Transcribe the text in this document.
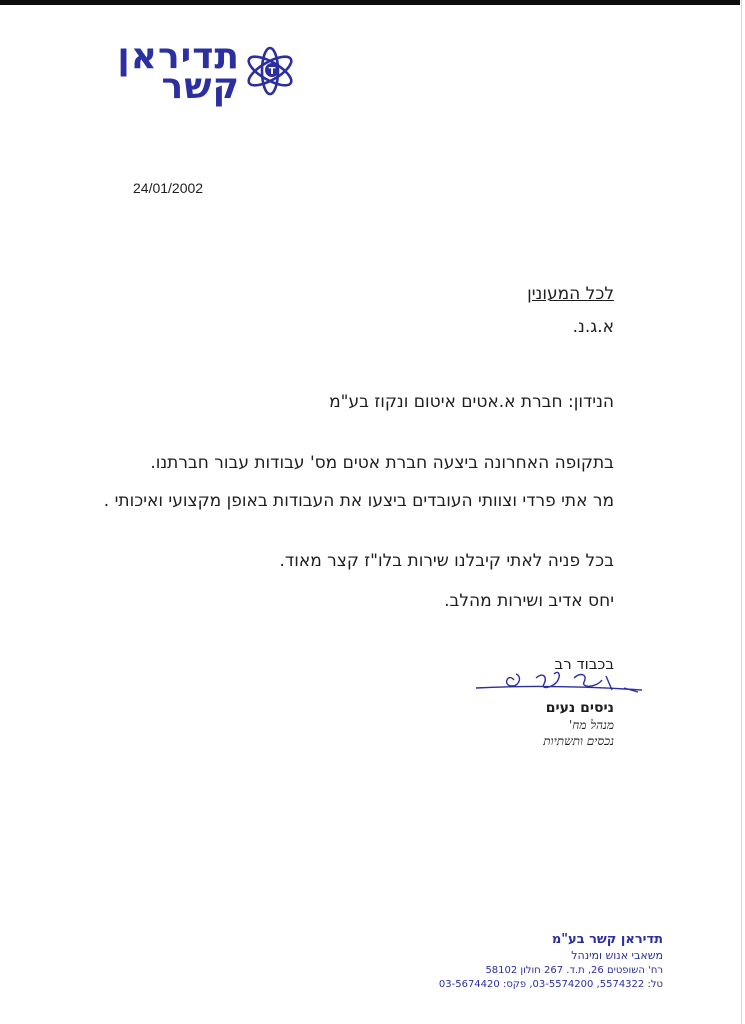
T
תדיראן
קשר
24/01/2002
לכל המעונין
א.ג.נ.
הנידון: חברת א.אטים איטום ונקוז בע"מ
בתקופה האחרונה ביצעה חברת אטים מס' עבודות עבור חברתנו.
מר אתי פרדי וצוותי העובדים ביצעו את העבודות באופן מקצועי ואיכותי .
בכל פניה לאתי קיבלנו שירות בלו"ז קצר מאוד.
יחס אדיב ושירות מהלב.
בכבוד רב
ניסים נעים
מנהל מח'
נכסים ותשתיות
תדיראן קשר בע"מ
משאבי אנוש ומינהל
רח' השופטים 26, ת.ד. 267 חולון 58102
טל: 5574322, 03-5574200, פקס: 03-5674420
